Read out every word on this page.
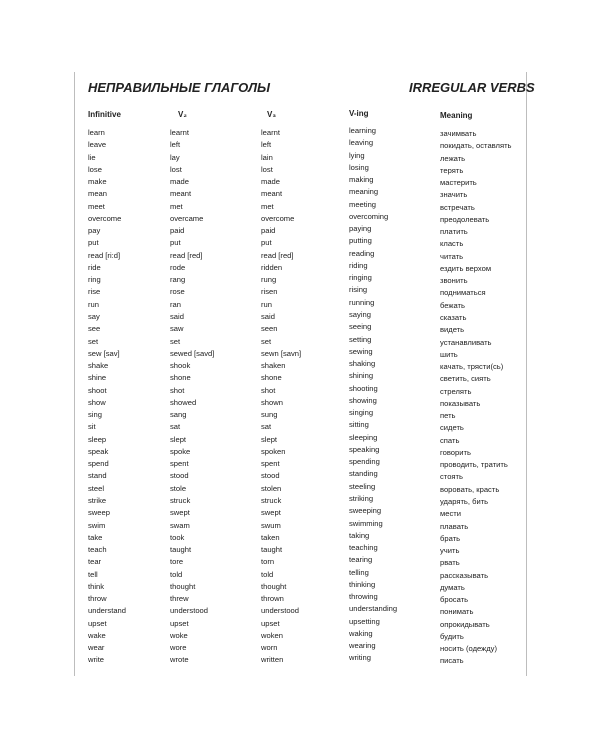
НЕПРАВИЛЬНЫЕ ГЛАГОЛЫ	IRREGULAR VERBS
Infinitive	V₂	V₃	V-ing	Meaning
learn	learnt	learnt	learning	зачимвать
leave	left	left	leaving	покидать, оставлять
lie	lay	lain	lying	лежать
lose	lost	lost	losing	терять
make	made	made	making	мастерить
mean	meant	meant	meaning	значить
meet	met	met	meeting	встречать
overcome	overcame	overcome	overcoming	преодолевать
pay	paid	paid	paying	платить
put	put	put	putting	класть
read [ri:d]	read [red]	read [red]	reading	читать
ride	rode	ridden	riding	ездить верхом
ring	rang	rung	ringing	звонить
rise	rose	risen	rising	подниматься
run	ran	run	running	бежать
say	said	said	saying	сказать
see	saw	seen	seeing	видеть
set	set	set	setting	устанавливать
sew [sav]	sewed [savd]	sewn [savn]	sewing	шить
shake	shook	shaken	shaking	качать, трясти(сь)
shine	shone	shone	shining	светить, сиять
shoot	shot	shot	shooting	стрелять
show	showed	shown	showing	показывать
sing	sang	sung	singing	петь
sit	sat	sat	sitting	сидеть
sleep	slept	slept	sleeping	спать
speak	spoke	spoken	speaking	говорить
spend	spent	spent	spending	проводить, тратить
stand	stood	stood	standing	стоять
steel	stole	stolen	steeling	воровать, красть
strike	struck	struck	striking	ударять, бить
sweep	swept	swept	sweeping	мести
swim	swam	swum	swimming	плавать
take	took	taken	taking	брать
teach	taught	taught	teaching	учить
tear	tore	torn	tearing	рвать
tell	told	told	telling	рассказывать
think	thought	thought	thinking	думать
throw	threw	thrown	throwing	бросать
understand	understood	understood	understanding	понимать
upset	upset	upset	upsetting	опрокидывать
wake	woke	woken	waking	будить
wear	wore	worn	wearing	носить (одежду)
write	wrote	written	writing	писать
